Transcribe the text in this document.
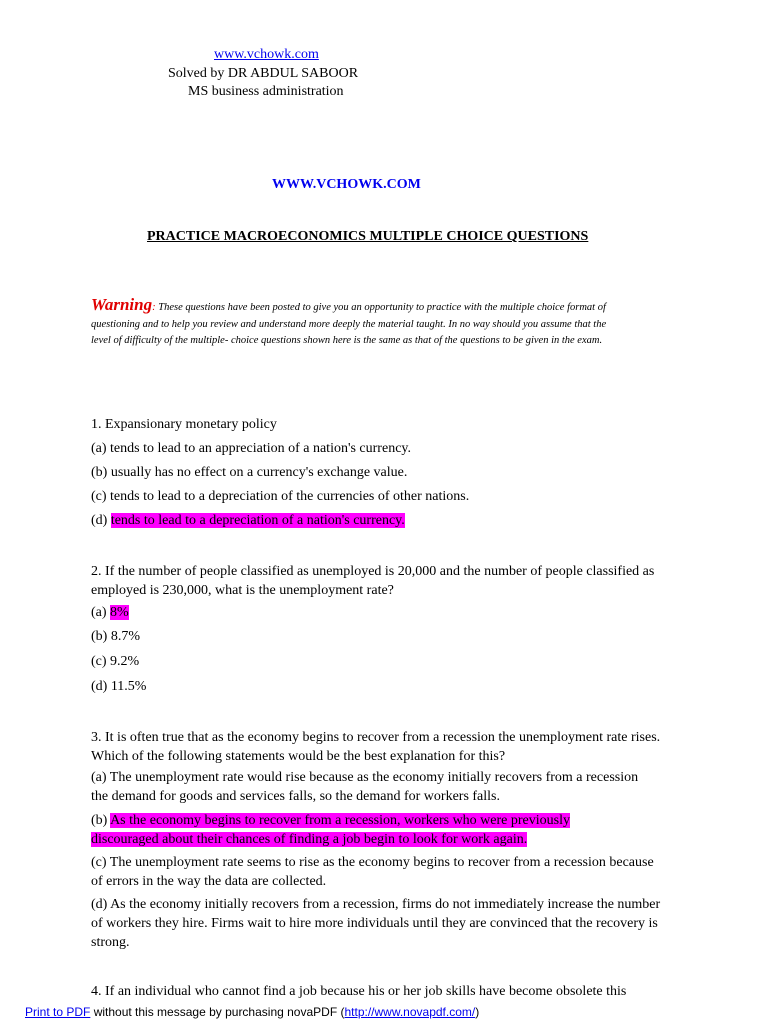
www.vchowk.com
Solved by DR ABDUL SABOOR
MS business administration
WWW.VCHOWK.COM
PRACTICE MACROECONOMICS MULTIPLE CHOICE QUESTIONS
Warning: These questions have been posted to give you an opportunity to practice with the multiple choice format of questioning and to help you review and understand more deeply the material taught. In no way should you assume that the level of difficulty of the multiple- choice questions shown here is the same as that of the questions to be given in the exam.
1. Expansionary monetary policy
(a) tends to lead to an appreciation of a nation's currency.
(b) usually has no effect on a currency's exchange value.
(c) tends to lead to a depreciation of the currencies of other nations.
(d) tends to lead to a depreciation of a nation's currency.
2. If the number of people classified as unemployed is 20,000 and the number of people classified as employed is 230,000, what is the unemployment rate?
(a) 8%
(b) 8.7%
(c) 9.2%
(d) 11.5%
3. It is often true that as the economy begins to recover from a recession the unemployment rate rises. Which of the following statements would be the best explanation for this?
(a) The unemployment rate would rise because as the economy initially recovers from a recession the demand for goods and services falls, so the demand for workers falls.
(b) As the economy begins to recover from a recession, workers who were previously discouraged about their chances of finding a job begin to look for work again.
(c) The unemployment rate seems to rise as the economy begins to recover from a recession because of errors in the way the data are collected.
(d) As the economy initially recovers from a recession, firms do not immediately increase the number of workers they hire. Firms wait to hire more individuals until they are convinced that the recovery is strong.
4. If an individual who cannot find a job because his or her job skills have become obsolete this
Print to PDF without this message by purchasing novaPDF (http://www.novapdf.com/)
